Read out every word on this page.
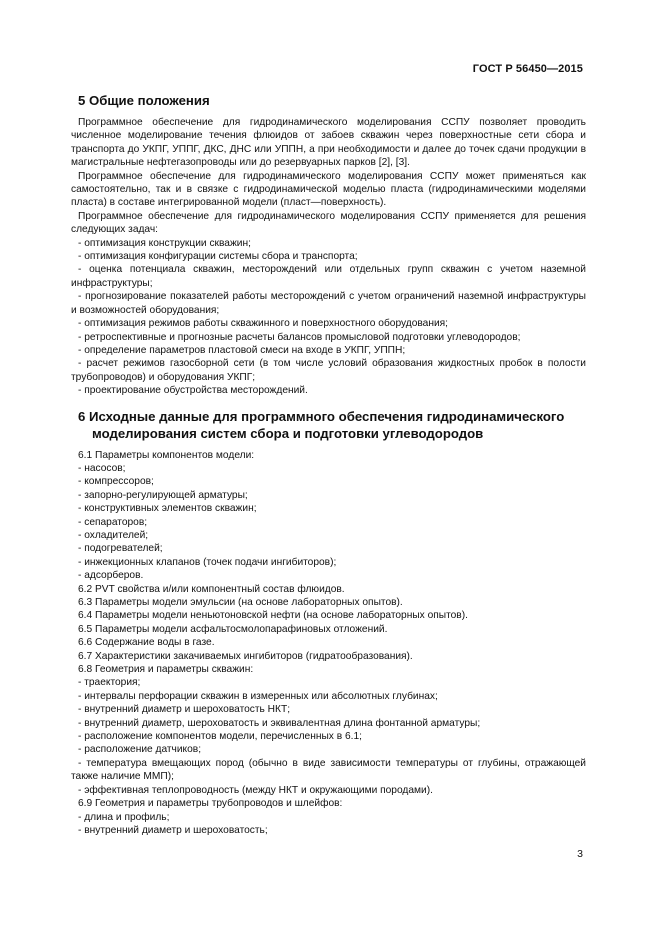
ГОСТ Р 56450—2015
5 Общие положения

Программное обеспечение для гидродинамического моделирования ССПУ позволяет проводить численное моделирование течения флюидов от забоев скважин через поверхностные сети сбора и транспорта до УКПГ, УППГ, ДКС, ДНС или УППН, а при необходимости и далее до точек сдачи продукции в магистральные нефтегазопроводы или до резервуарных парков [2], [3].

Программное обеспечение для гидродинамического моделирования ССПУ может применяться как самостоятельно, так и в связке с гидродинамической моделью пласта (гидродинамическими моделями пласта) в составе интегрированной модели (пласт—поверхность).

Программное обеспечение для гидродинамического моделирования ССПУ применяется для решения следующих задач:

- оптимизация конструкции скважин;

- оптимизация конфигурации системы сбора и транспорта;

- оценка потенциала скважин, месторождений или отдельных групп скважин с учетом наземной инфраструктуры;

- прогнозирование показателей работы месторождений с учетом ограничений наземной инфраструктуры и возможностей оборудования;

- оптимизация режимов работы скважинного и поверхностного оборудования;

- ретроспективные и прогнозные расчеты балансов промысловой подготовки углеводородов;

- определение параметров пластовой смеси на входе в УКПГ, УППН;

- расчет режимов газосборной сети (в том числе условий образования жидкостных пробок в полости трубопроводов) и оборудования УКПГ;

- проектирование обустройства месторождений.

6 Исходные данные для программного обеспечения гидродинамического
моделирования систем сбора и подготовки углеводородов

6.1 Параметры компонентов модели:

- насосов;

- компрессоров;

- запорно-регулирующей арматуры;

- конструктивных элементов скважин;

- сепараторов;

- охладителей;

- подогревателей;

- инжекционных клапанов (точек подачи ингибиторов);

- адсорберов.

6.2 PVT свойства и/или компонентный состав флюидов.

6.3 Параметры модели эмульсии (на основе лабораторных опытов).

6.4 Параметры модели неньютоновской нефти (на основе лабораторных опытов).

6.5 Параметры модели асфальтосмолопарафиновых отложений.

6.6 Содержание воды в газе.

6.7 Характеристики закачиваемых ингибиторов (гидратообразования).

6.8 Геометрия и параметры скважин:

- траектория;

- интервалы перфорации скважин в измеренных или абсолютных глубинах;

- внутренний диаметр и шероховатость НКТ;

- внутренний диаметр, шероховатость и эквивалентная длина фонтанной арматуры;

- расположение компонентов модели, перечисленных в 6.1;

- расположение датчиков;

- температура вмещающих пород (обычно в виде зависимости температуры от глубины, отражающей также наличие ММП);

- эффективная теплопроводность (между НКТ и окружающими породами).

6.9 Геометрия и параметры трубопроводов и шлейфов:

- длина и профиль;

- внутренний диаметр и шероховатость;

3
